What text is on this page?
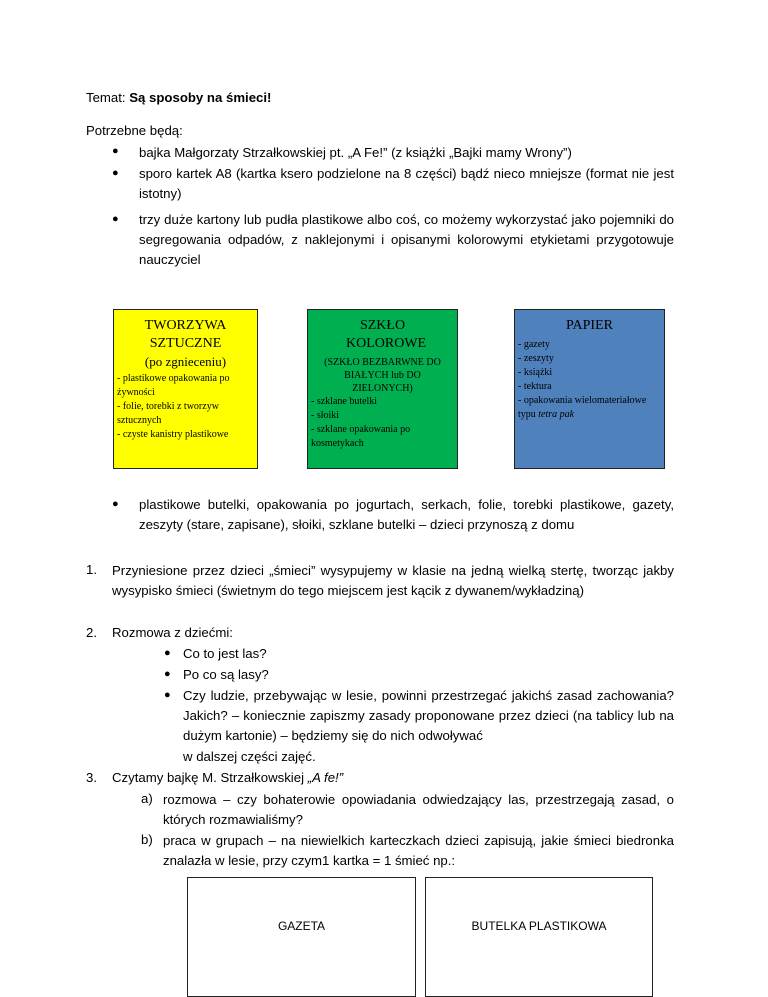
Temat: Są sposoby na śmieci!
Potrzebne będą:
● bajka Małgorzaty Strzałkowskiej pt. „A Fe!” (z książki „Bajki mamy Wrony”)
● sporo kartek A8 (kartka ksero podzielone na 8 części) bądź nieco mniejsze (format nie jest istotny)
● trzy duże kartony lub pudła plastikowe albo coś, co możemy wykorzystać jako pojemniki do segregowania odpadów, z naklejonymi i opisanymi kolorowymi etykietami przygotowuje nauczyciel
● plastikowe butelki, opakowania po jogurtach, serkach, folie, torebki plastikowe, gazety, zeszyty (stare, zapisane), słoiki, szklane butelki – dzieci przynoszą z domu
1. Przyniesione przez dzieci „śmieci” wysypujemy w klasie na jedną wielką stertę, tworząc jakby wysypisko śmieci (świetnym do tego miejscem jest kącik z dywanem/wykładziną)
2. Rozmowa z dziećmi:
● Co to jest las?
● Po co są lasy?
● Czy ludzie, przebywając w lesie, powinni przestrzegać jakichś zasad zachowania? Jakich? – koniecznie zapiszmy zasady proponowane przez dzieci (na tablicy lub na dużym kartonie) – będziemy się do nich odwoływać
w dalszej części zajęć.
3. Czytamy bajkę M. Strzałkowskiej „A fe!”
a) rozmowa – czy bohaterowie opowiadania odwiedzający las, przestrzegają zasad, o których rozmawialiśmy?
b) praca w grupach – na niewielkich karteczkach dzieci zapisują, jakie śmieci biedronka znalazła w lesie, przy czym1 kartka = 1 śmieć np.:
TWORZYWA SZTUCZNE
(po zgnieceniu)
- plastikowe opakowania po żywności
- folie, torebki z tworzyw sztucznych
- czyste kanistry plastikowe
SZKŁO KOLOROWE
(SZKŁO BEZBARWNE DO BIAŁYCH lub DO ZIELONYCH)
- szklane butelki
- słoiki
- szklane opakowania po kosmetykach
PAPIER
- gazety
- zeszyty
- książki
- tektura
- opakowania wielomateriałowe typu tetra pak
GAZETA	BUTELKA PLASTIKOWA
